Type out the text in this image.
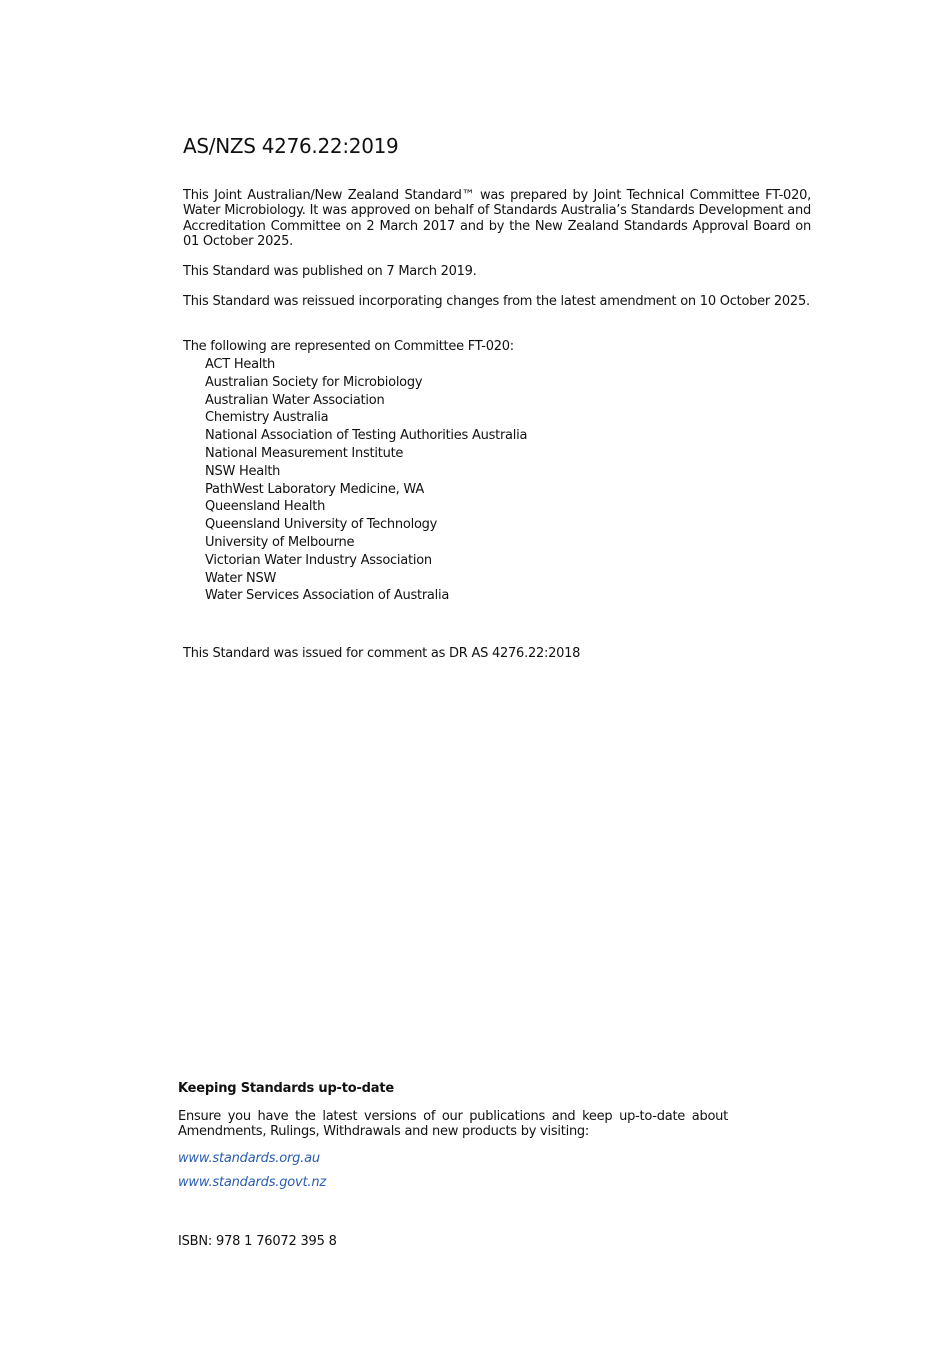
AS/NZS 4276.22:2019

This Joint Australian/New Zealand Standard™ was prepared by Joint Technical Committee FT-020, Water Microbiology. It was approved on behalf of Standards Australia’s Standards Development and Accreditation Committee on 2 March 2017 and by the New Zealand Standards Approval Board on 01 October 2025.

This Standard was published on 7 March 2019.
This Standard was reissued incorporating changes from the latest amendment on 10 October 2025.
The following are represented on Committee FT-020:
ACT Health
Australian Society for Microbiology
Australian Water Association
Chemistry Australia
National Association of Testing Authorities Australia
National Measurement Institute
NSW Health
PathWest Laboratory Medicine, WA
Queensland Health
Queensland University of Technology
University of Melbourne
Victorian Water Industry Association
Water NSW
Water Services Association of Australia
This Standard was issued for comment as DR AS 4276.22:2018
Keeping Standards up-to-date

Ensure you have the latest versions of our publications and keep up-to-date about Amendments, Rulings, Withdrawals and new products by visiting:

www.standards.org.au
www.standards.govt.nz
ISBN: 978 1 76072 395 8
